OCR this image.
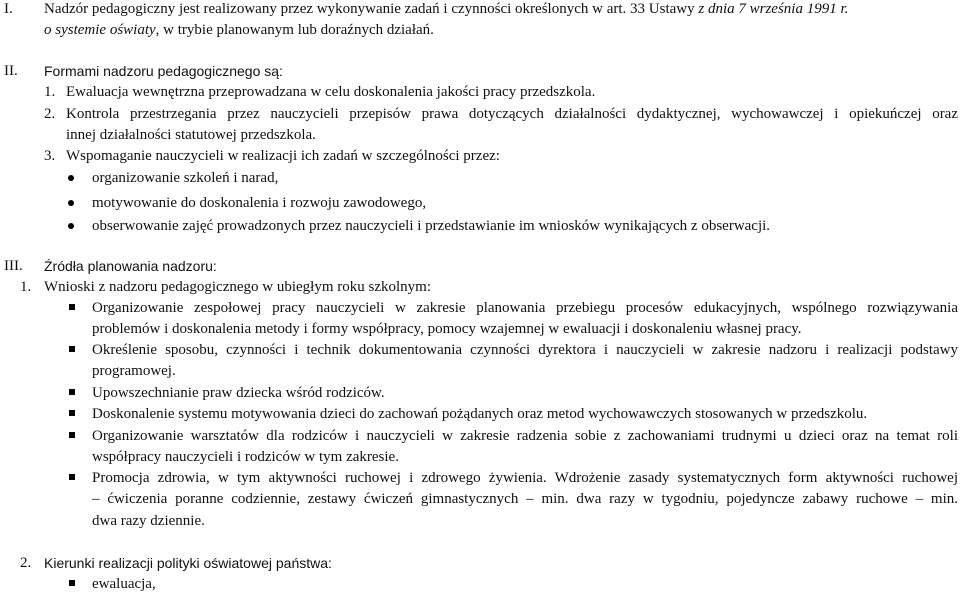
I. Nadzór pedagogiczny jest realizowany przez wykonywanie zadań i czynności określonych w art. 33 Ustawy z dnia 7 września 1991 r.
o systemie oświaty, w trybie planowanym lub doraźnych działań.
II. Formami nadzoru pedagogicznego są:
1. Ewaluacja wewnętrzna przeprowadzana w celu doskonalenia jakości pracy przedszkola.
2. Kontrola przestrzegania przez nauczycieli przepisów prawa dotyczących działalności dydaktycznej, wychowawczej i opiekuńczej oraz
innej działalności statutowej przedszkola.
3. Wspomaganie nauczycieli w realizacji ich zadań w szczególności przez:
organizowanie szkoleń i narad,
motywowanie do doskonalenia i rozwoju zawodowego,
obserwowanie zajęć prowadzonych przez nauczycieli i przedstawianie im wniosków wynikających z obserwacji.
III. Źródła planowania nadzoru:
1. Wnioski z nadzoru pedagogicznego w ubiegłym roku szkolnym:
Organizowanie zespołowej pracy nauczycieli w zakresie planowania przebiegu procesów edukacyjnych, wspólnego rozwiązywania
problemów i doskonalenia metody i formy współpracy, pomocy wzajemnej w ewaluacji i doskonaleniu własnej pracy.
Określenie sposobu, czynności i technik dokumentowania czynności dyrektora i nauczycieli w zakresie nadzoru i realizacji podstawy
programowej.
Upowszechnianie praw dziecka wśród rodziców.
Doskonalenie systemu motywowania dzieci do zachowań pożądanych oraz metod wychowawczych stosowanych w przedszkolu.
Organizowanie warsztatów dla rodziców i nauczycieli w zakresie radzenia sobie z zachowaniami trudnymi u dzieci oraz na temat roli
współpracy nauczycieli i rodziców w tym zakresie.
Promocja zdrowia, w tym aktywności ruchowej i zdrowego żywienia. Wdrożenie zasady systematycznych form aktywności ruchowej
– ćwiczenia poranne codziennie, zestawy ćwiczeń gimnastycznych – min. dwa razy w tygodniu, pojedyncze zabawy ruchowe – min.
dwa razy dziennie.
2. Kierunki realizacji polityki oświatowej państwa:
ewaluacja,
